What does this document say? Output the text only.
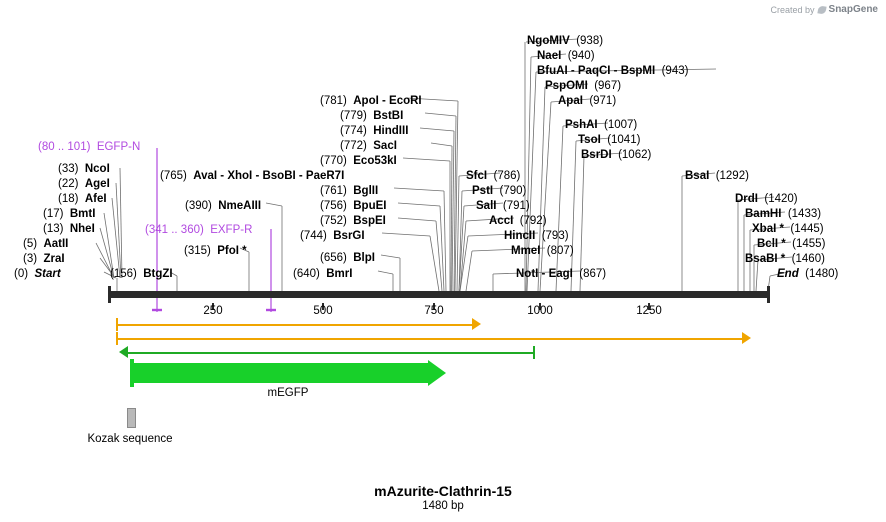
Created by SnapGene
250	500	750	1000	1250
mEGFP
Kozak sequence
(80 .. 101) EGFP-N
(33) NcoI
(22) AgeI
(18) AfeI
(17) BmtI
(13) NheI
(5) AatII
(3) ZraI
(0) Start
(765) AvaI - XhoI - BsoBI - PaeR7I
(390) NmeAIII
(341 .. 360) EXFP-R
(315) PfoI *
(156) BtgZI
(781) ApoI - EcoRI
(779) BstBI
(774) HindIII
(772) SacI
(770) Eco53kI
(761) BglII
(756) BpuEI
(752) BspEI
(744) BsrGI
(656) BlpI
(640) BmrI
NgoMIV (938)
NaeI (940)
BfuAI - PaqCI - BspMI (943)
PspOMI (967)
ApaI (971)
PshAI (1007)
TsoI (1041)
BsrDI (1062)
SfcI (786)
PstI (790)
SalI (791)
AccI (792)
HincII (793)
MmeI (807)
NotI - EagI (867)
BsaI (1292)
DrdI (1420)
BamHI (1433)
XbaI * (1445)
BclI * (1455)
BsaBI * (1460)
End (1480)
mAzurite-Clathrin-15
1480 bp
